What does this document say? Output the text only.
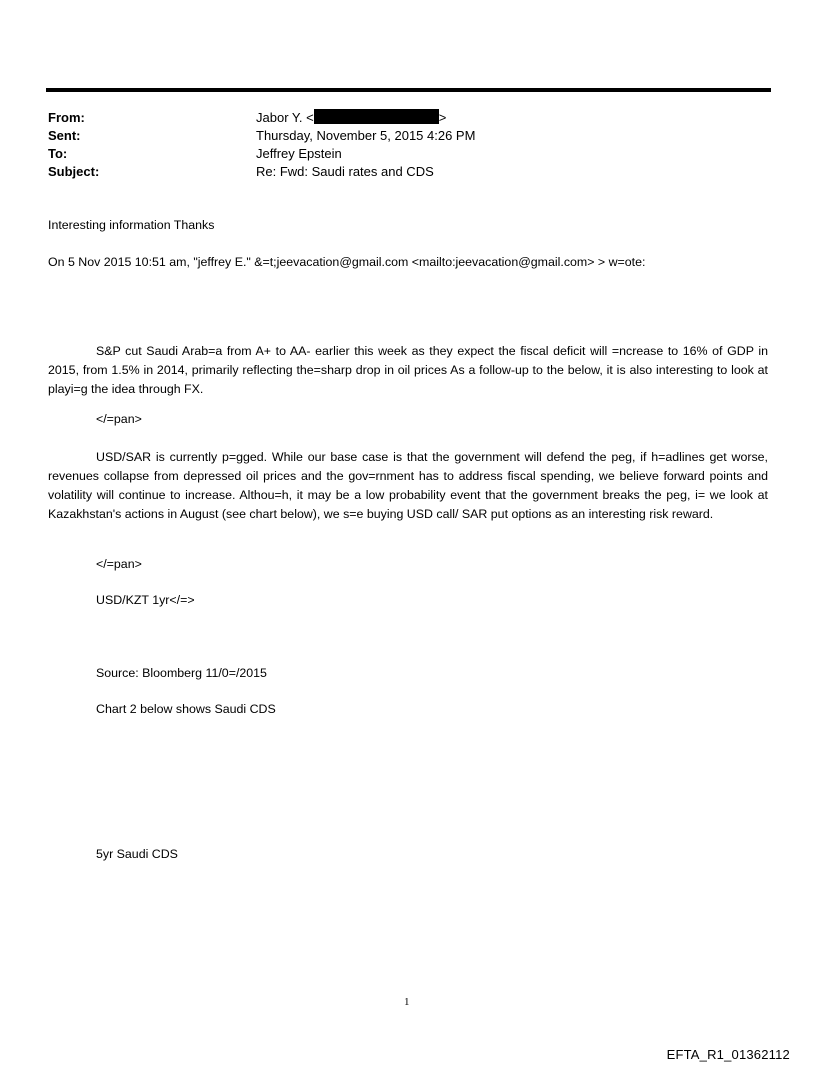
From:	Jabor Y. <	>
Sent:	Thursday, November 5, 2015 4:26 PM
To:	Jeffrey Epstein
Subject:	Re: Fwd: Saudi rates and CDS
Interesting information Thanks
On 5 Nov 2015 10:51 am, "jeffrey E." &=t;jeevacation@gmail.com <mailto:jeevacation@gmail.com> > w=ote:
S&P cut Saudi Arab=a from A+ to AA- earlier this week as they expect the fiscal deficit will =ncrease to 16% of GDP in 2015, from 1.5% in 2014, primarily reflecting the=sharp drop in oil prices As a follow-up to the below, it is also interesting to look at playi=g the idea through FX.
</=pan>
USD/SAR is currently p=gged. While our base case is that the government will defend the peg, if h=adlines get worse, revenues collapse from depressed oil prices and the gov=rnment has to address fiscal spending, we believe forward points and volatility will continue to increase. Althou=h, it may be a low probability event that the government breaks the peg, i= we look at Kazakhstan's actions in August (see chart below), we s=e buying USD call/ SAR put options as an interesting risk reward.
</=pan>
USD/KZT 1yr</=>
Source: Bloomberg 11/0=/2015
Chart 2 below shows Saudi CDS
5yr Saudi CDS
1
EFTA_R1_01362112
